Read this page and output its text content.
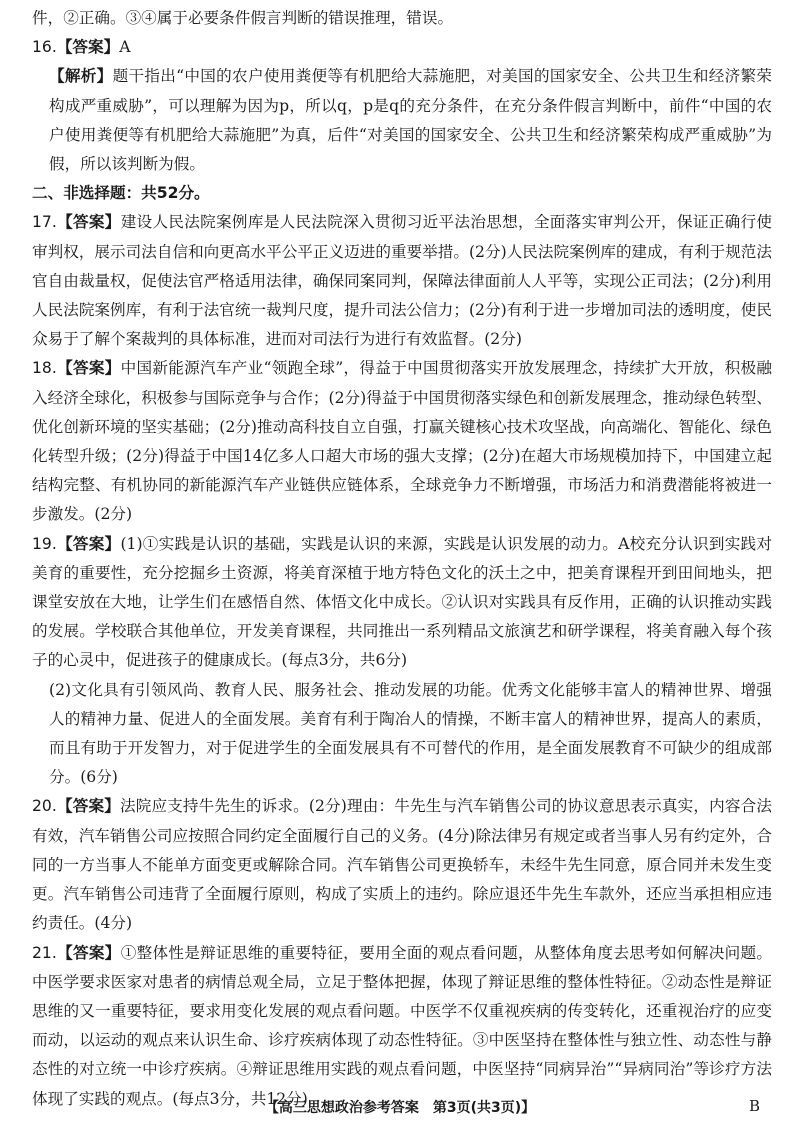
件，②正确。③④属于必要条件假言判断的错误推理，错误。

16.【答案】A

【解析】题干指出“中国的农户使用粪便等有机肥给大蒜施肥，对美国的国家安全、公共卫生和经济繁荣构成严重威胁”，可以理解为因为p，所以q，p是q的充分条件，在充分条件假言判断中，前件“中国的农户使用粪便等有机肥给大蒜施肥”为真，后件“对美国的国家安全、公共卫生和经济繁荣构成严重威胁”为假，所以该判断为假。

二、非选择题：共52分。

17.【答案】建设人民法院案例库是人民法院深入贯彻习近平法治思想，全面落实审判公开，保证正确行使审判权，展示司法自信和向更高水平公平正义迈进的重要举措。(2分)人民法院案例库的建成，有利于规范法官自由裁量权，促使法官严格适用法律，确保同案同判，保障法律面前人人平等，实现公正司法；(2分)利用人民法院案例库，有利于法官统一裁判尺度，提升司法公信力；(2分)有利于进一步增加司法的透明度，使民众易于了解个案裁判的具体标准，进而对司法行为进行有效监督。(2分)

18.【答案】中国新能源汽车产业“领跑全球”，得益于中国贯彻落实开放发展理念，持续扩大开放，积极融入经济全球化，积极参与国际竞争与合作；(2分)得益于中国贯彻落实绿色和创新发展理念，推动绿色转型、优化创新环境的坚实基础；(2分)推动高科技自立自强，打赢关键核心技术攻坚战，向高端化、智能化、绿色化转型升级；(2分)得益于中国14亿多人口超大市场的强大支撑；(2分)在超大市场规模加持下，中国建立起结构完整、有机协同的新能源汽车产业链供应链体系，全球竞争力不断增强，市场活力和消费潜能将被进一步激发。(2分)

19.【答案】(1)①实践是认识的基础，实践是认识的来源，实践是认识发展的动力。A校充分认识到实践对美育的重要性，充分挖掘乡土资源，将美育深植于地方特色文化的沃土之中，把美育课程开到田间地头，把课堂安放在大地，让学生们在感悟自然、体悟文化中成长。②认识对实践具有反作用，正确的认识推动实践的发展。学校联合其他单位，开发美育课程，共同推出一系列精品文旅演艺和研学课程，将美育融入每个孩子的心灵中，促进孩子的健康成长。(每点3分，共6分)

(2)文化具有引领风尚、教育人民、服务社会、推动发展的功能。优秀文化能够丰富人的精神世界、增强人的精神力量、促进人的全面发展。美育有利于陶冶人的情操，不断丰富人的精神世界，提高人的素质，而且有助于开发智力，对于促进学生的全面发展具有不可替代的作用，是全面发展教育不可缺少的组成部分。(6分)

20.【答案】法院应支持牛先生的诉求。(2分)理由：牛先生与汽车销售公司的协议意思表示真实，内容合法有效，汽车销售公司应按照合同约定全面履行自己的义务。(4分)除法律另有规定或者当事人另有约定外，合同的一方当事人不能单方面变更或解除合同。汽车销售公司更换轿车，未经牛先生同意，原合同并未发生变更。汽车销售公司违背了全面履行原则，构成了实质上的违约。除应退还牛先生车款外，还应当承担相应违约责任。(4分)

21.【答案】①整体性是辩证思维的重要特征，要用全面的观点看问题，从整体角度去思考如何解决问题。中医学要求医家对患者的病情总观全局，立足于整体把握，体现了辩证思维的整体性特征。②动态性是辩证思维的又一重要特征，要求用变化发展的观点看问题。中医学不仅重视疾病的传变转化，还重视治疗的应变而动，以运动的观点来认识生命、诊疗疾病体现了动态性特征。③中医坚持在整体性与独立性、动态性与静态性的对立统一中诊疗疾病。④辩证思维用实践的观点看问题，中医坚持“同病异治”“异病同治”等诊疗方法体现了实践的观点。(每点3分，共12分)

【高三思想政治参考答案　第3页(共3页)】	B
